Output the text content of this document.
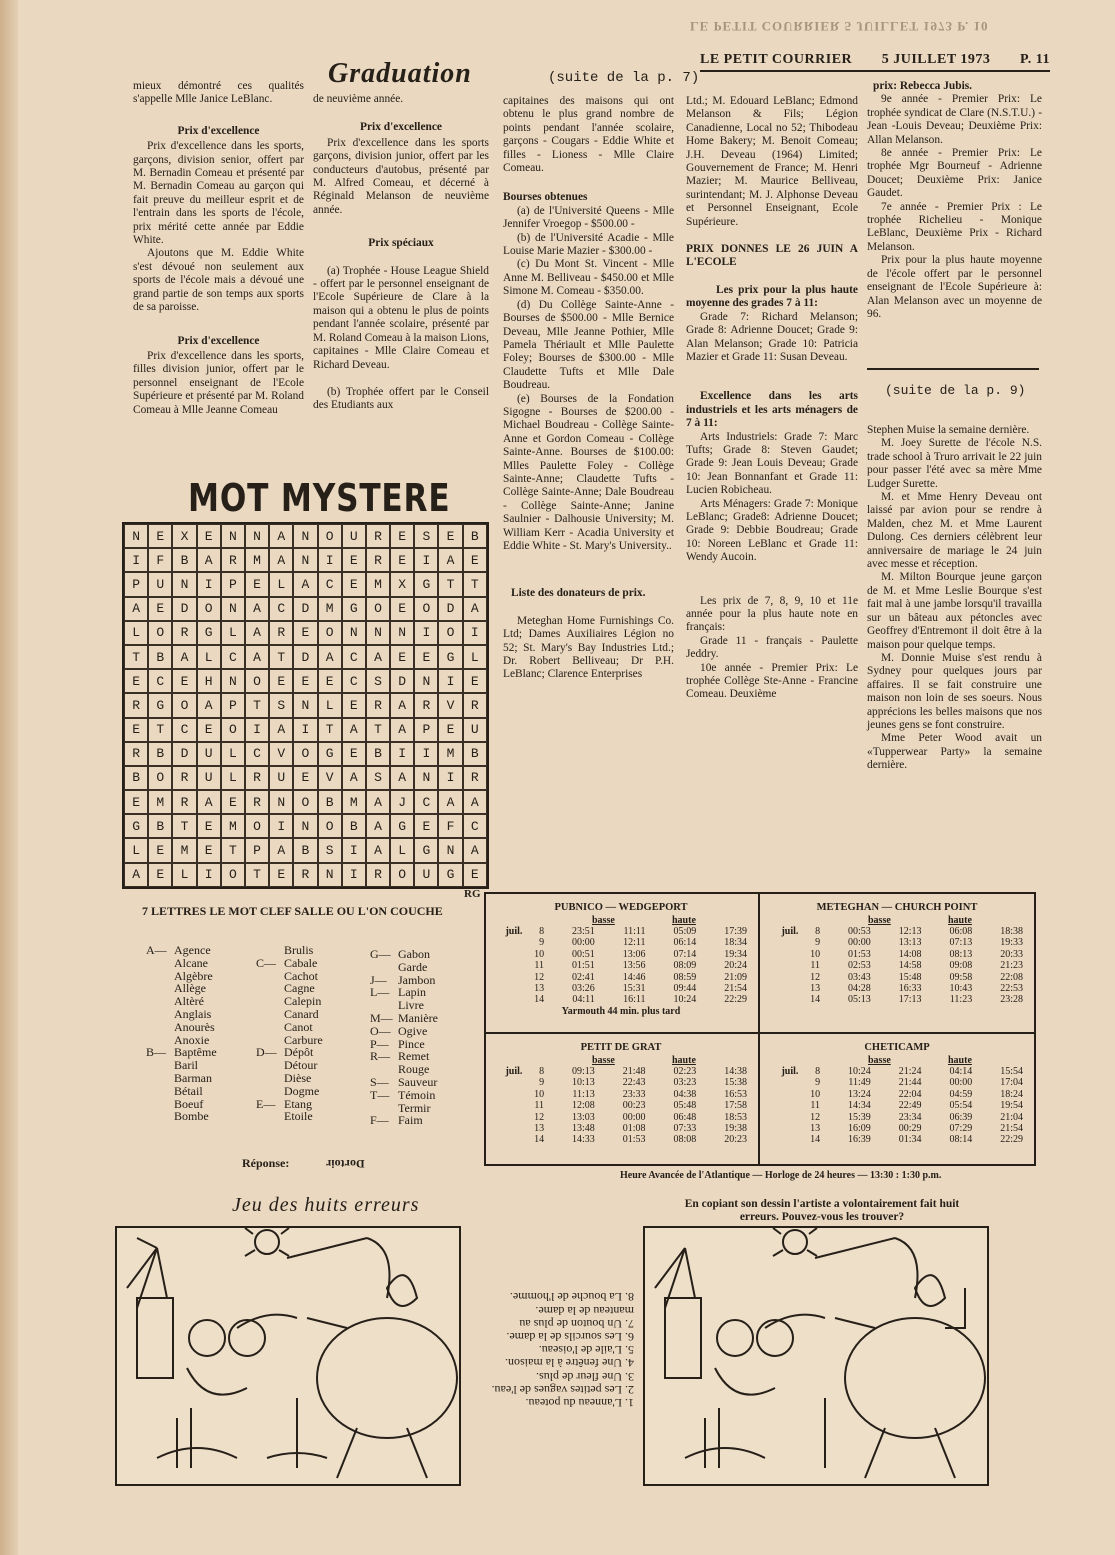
LE PETIT COURRIER 5 JUILLET 1973 P. 10
LE PETIT COURRIER 5 JUILLET 1973 P. 11
Graduation	(suite de la p. 7)

mieux démontré ces qualités s'appelle Mlle Janice LeBlanc.

Prix d'excellence

Prix d'excellence dans les sports, garçons, division senior, offert par M. Bernadin Comeau et présenté par M. Bernadin Comeau au garçon qui fait preuve du meilleur esprit et de l'entrain dans les sports de l'école, prix mérité cette année par Eddie White.

Ajoutons que M. Eddie White s'est dévoué non seulement aux sports de l'école mais a dévoué une grand partie de son temps aux sports de sa paroisse.

Prix d'excellence

Prix d'excellence dans les sports, filles division junior, offert par le personnel enseignant de l'Ecole Supérieure et présenté par M. Roland Comeau à Mlle Jeanne Comeau

de neuvième année.

Prix d'excellence

Prix d'excellence dans les sports garçons, division junior, offert par les conducteurs d'autobus, présenté par M. Alfred Comeau, et décerné à Réginald Melanson de neuvième année.

Prix spéciaux

(a) Trophée - House League Shield - offert par le personnel enseignant de l'Ecole Supérieure de Clare à la maison qui a obtenu le plus de points pendant l'année scolaire, présenté par M. Roland Comeau à la maison Lions, capitaines - Mlle Claire Comeau et Richard Deveau.

(b) Trophée offert par le Conseil des Etudiants aux

capitaines des maisons qui ont obtenu le plus grand nombre de points pendant l'année scolaire, garçons - Cougars - Eddie White et filles - Lioness - Mlle Claire Comeau.

Bourses obtenues

(a) de l'Université Queens - Mlle Jennifer Vroegop - $500.00 -

(b) de l'Université Acadie - Mlle Louise Marie Mazier - $300.00 -

(c) Du Mont St. Vincent - Mlle Anne M. Belliveau - $450.00 et Mlle Simone M. Comeau - $350.00.

(d) Du Collège Sainte-Anne - Bourses de $500.00 - Mlle Bernice Deveau, Mlle Jeanne Pothier, Mlle Pamela Thériault et Mlle Paulette Foley; Bourses de $300.00 - Mlle Claudette Tufts et Mlle Dale Boudreau.

(e) Bourses de la Fondation Sigogne - Bourses de $200.00 - Michael Boudreau - Collège Sainte-Anne et Gordon Comeau - Collège Sainte-Anne. Bourses de $100.00: Mlles Paulette Foley - Collège Sainte-Anne; Claudette Tufts - Collège Sainte-Anne; Dale Boudreau - Collège Sainte-Anne; Janine Saulnier - Dalhousie University; M. William Kerr - Acadia University et Eddie White - St. Mary's University..

Liste des donateurs de prix.

Meteghan Home Furnishings Co. Ltd; Dames Auxiliaires Légion no 52; St. Mary's Bay Industries Ltd.; Dr. Robert Belliveau; Dr P.H. LeBlanc; Clarence Enterprises

Ltd.; M. Edouard LeBlanc; Edmond Melanson & Fils; Légion Canadienne, Local no 52; Thibodeau Home Bakery; M. Benoit Comeau; J.H. Deveau (1964) Limited; Gouvernement de France; M. Henri Mazier; M. Maurice Belliveau, surintendant; M. J. Alphonse Deveau et Personnel Enseignant, Ecole Supérieure.

PRIX DONNES LE 26 JUIN A L'ECOLE

Les prix pour la plus haute moyenne des grades 7 à 11:

Grade 7: Richard Melanson; Grade 8: Adrienne Doucet; Grade 9: Alan Melanson; Grade 10: Patricia Mazier et Grade 11: Susan Deveau.

Excellence dans les arts industriels et les arts ménagers de 7 à 11:

Arts Industriels: Grade 7: Marc Tufts; Grade 8: Steven Gaudet; Grade 9: Jean Louis Deveau; Grade 10: Jean Bonnanfant et Grade 11: Lucien Robicheau.

Arts Ménagers: Grade 7: Monique LeBlanc; Grade8: Adrienne Doucet; Grade 9: Debbie Boudreau; Grade 10: Noreen LeBlanc et Grade 11: Wendy Aucoin.

Les prix de 7, 8, 9, 10 et 11e année pour la plus haute note en français:

Grade 11 - français - Paulette Jeddry.

10e année - Premier Prix: Le trophée Collège Ste-Anne - Francine Comeau. Deuxième

prix: Rebecca Jubis.

9e année - Premier Prix: Le trophée syndicat de Clare (N.S.T.U.) - Jean -Louis Deveau; Deuxième Prix: Allan Melanson.

8e année - Premier Prix: Le trophée Mgr Bourneuf - Adrienne Doucet; Deuxième Prix: Janice Gaudet.

7e année - Premier Prix : Le trophée Richelieu - Monique LeBlanc, Deuxième Prix - Richard Melanson.

Prix pour la plus haute moyenne de l'école offert par le personnel enseignant de l'Ecole Supérieure à: Alan Melanson avec un moyenne de 96.

(suite de la p. 9)

Stephen Muise la semaine dernière.

M. Joey Surette de l'école N.S. trade school à Truro arrivait le 22 juin pour passer l'été avec sa mère Mme Ludger Surette.

M. et Mme Henry Deveau ont laissé par avion pour se rendre à Malden, chez M. et Mme Laurent Dulong. Ces derniers célèbrent leur anniversaire de mariage le 24 juin avec messe et réception.

M. Milton Bourque jeune garçon de M. et Mme Leslie Bourque s'est fait mal à une jambe lorsqu'il travailla sur un bâteau aux pétoncles avec Geoffrey d'Entremont il doit être à la maison pour quelque temps.

M. Donnie Muise s'est rendu à Sydney pour quelques jours par affaires. Il se fait construire une maison non loin de ses soeurs. Nous apprécions les belles maisons que nos jeunes gens se font construire.

Mme Peter Wood avait un «Tupperwear Party» la semaine dernière.

MOT MYSTERE
N	E	X	E	N	N	A	N	O	U	R	E	S	E	B
I	F	B	A	R	M	A	N	I	E	R	E	I	A	E
P	U	N	I	P	E	L	A	C	E	M	X	G	T	T
A	E	D	O	N	A	C	D	M	G	O	E	O	D	A
L	O	R	G	L	A	R	E	O	N	N	N	I	O	I
T	B	A	L	C	A	T	D	A	C	A	E	E	G	L
E	C	E	H	N	O	E	E	E	C	S	D	N	I	E
R	G	O	A	P	T	S	N	L	E	R	A	R	V	R
E	T	C	E	O	I	A	I	T	A	T	A	P	E	U
R	B	D	U	L	C	V	O	G	E	B	I	I	M	B
B	O	R	U	L	R	U	E	V	A	S	A	N	I	R
E	M	R	A	E	R	N	O	B	M	A	J	C	A	A
G	B	T	E	M	O	I	N	O	B	A	G	E	F	C
L	E	M	E	T	P	A	B	S	I	A	L	G	N	A
A	E	L	I	O	T	E	R	N	I	R	O	U	G	E
RG
7 LETTRES LE MOT CLEF SALLE OU L'ON COUCHE
A— Agence
Alcane
Algèbre
Allège
Altèré
Anglais
Anourès
Anoxie
B— Baptême
Baril
Barman
Bétail
Boeuf
Bombe
Brulis
C— Cabale
Cachot
Cagne
Calepin
Canard
Canot
Carbure
D— Dépôt
Détour
Dièse
Dogme
E— Etang
Etoile
G— Gabon
Garde
J— Jambon
L— Lapin
Livre
M— Manière
O— Ogive
P— Pince
R— Remet
Rouge
S— Sauveur
T— Témoin
Termir
F— Faim
Réponse:	Dortoir
PUBNICO — WEDGEPORT
basse	haute
juil.	8	23:51	11:11	05:09	17:39
	9	00:00	12:11	06:14	18:34
	10	00:51	13:06	07:14	19:34
	11	01:51	13:56	08:09	20:24
	12	02:41	14:46	08:59	21:09
	13	03:26	15:31	09:44	21:54
	14	04:11	16:11	10:24	22:29
Yarmouth 44 min. plus tard
METEGHAN — CHURCH POINT
basse	haute
juil.	8	00:53	12:13	06:08	18:38
	9	00:00	13:13	07:13	19:33
	10	01:53	14:08	08:13	20:33
	11	02:53	14:58	09:08	21:23
	12	03:43	15:48	09:58	22:08
	13	04:28	16:33	10:43	22:53
	14	05:13	17:13	11:23	23:28
PETIT DE GRAT
basse	haute
juil.	8	09:13	21:48	02:23	14:38
	9	10:13	22:43	03:23	15:38
	10	11:13	23:33	04:38	16:53
	11	12:08	00:23	05:48	17:58
	12	13:03	00:00	06:48	18:53
	13	13:48	01:08	07:33	19:38
	14	14:33	01:53	08:08	20:23
CHETICAMP
basse	haute
juil.	8	10:24	21:24	04:14	15:54
	9	11:49	21:44	00:00	17:04
	10	13:24	22:04	04:59	18:24
	11	14:34	22:49	05:54	19:54
	12	15:39	23:34	06:39	21:04
	13	16:09	00:29	07:29	21:54
	14	16:39	01:34	08:14	22:29
Heure Avancée de l'Atlantique — Horloge de 24 heures — 13:30 : 1:30 p.m.
Jeu des huits erreurs	En copiant son dessin l'artiste a volontairement fait huit erreurs. Pouvez-vous les trouver?

1. L'anneau du poteau.

2. Les petites vagues de l'eau.

3. Une fleur de plus.

4. Une fenêtre à la maison.

5. L'aile de l'oiseau.

6. Les sourcils de la dame.

7. Un bouton de plus au manteau de la dame.

8. La bouche de l'homme.
